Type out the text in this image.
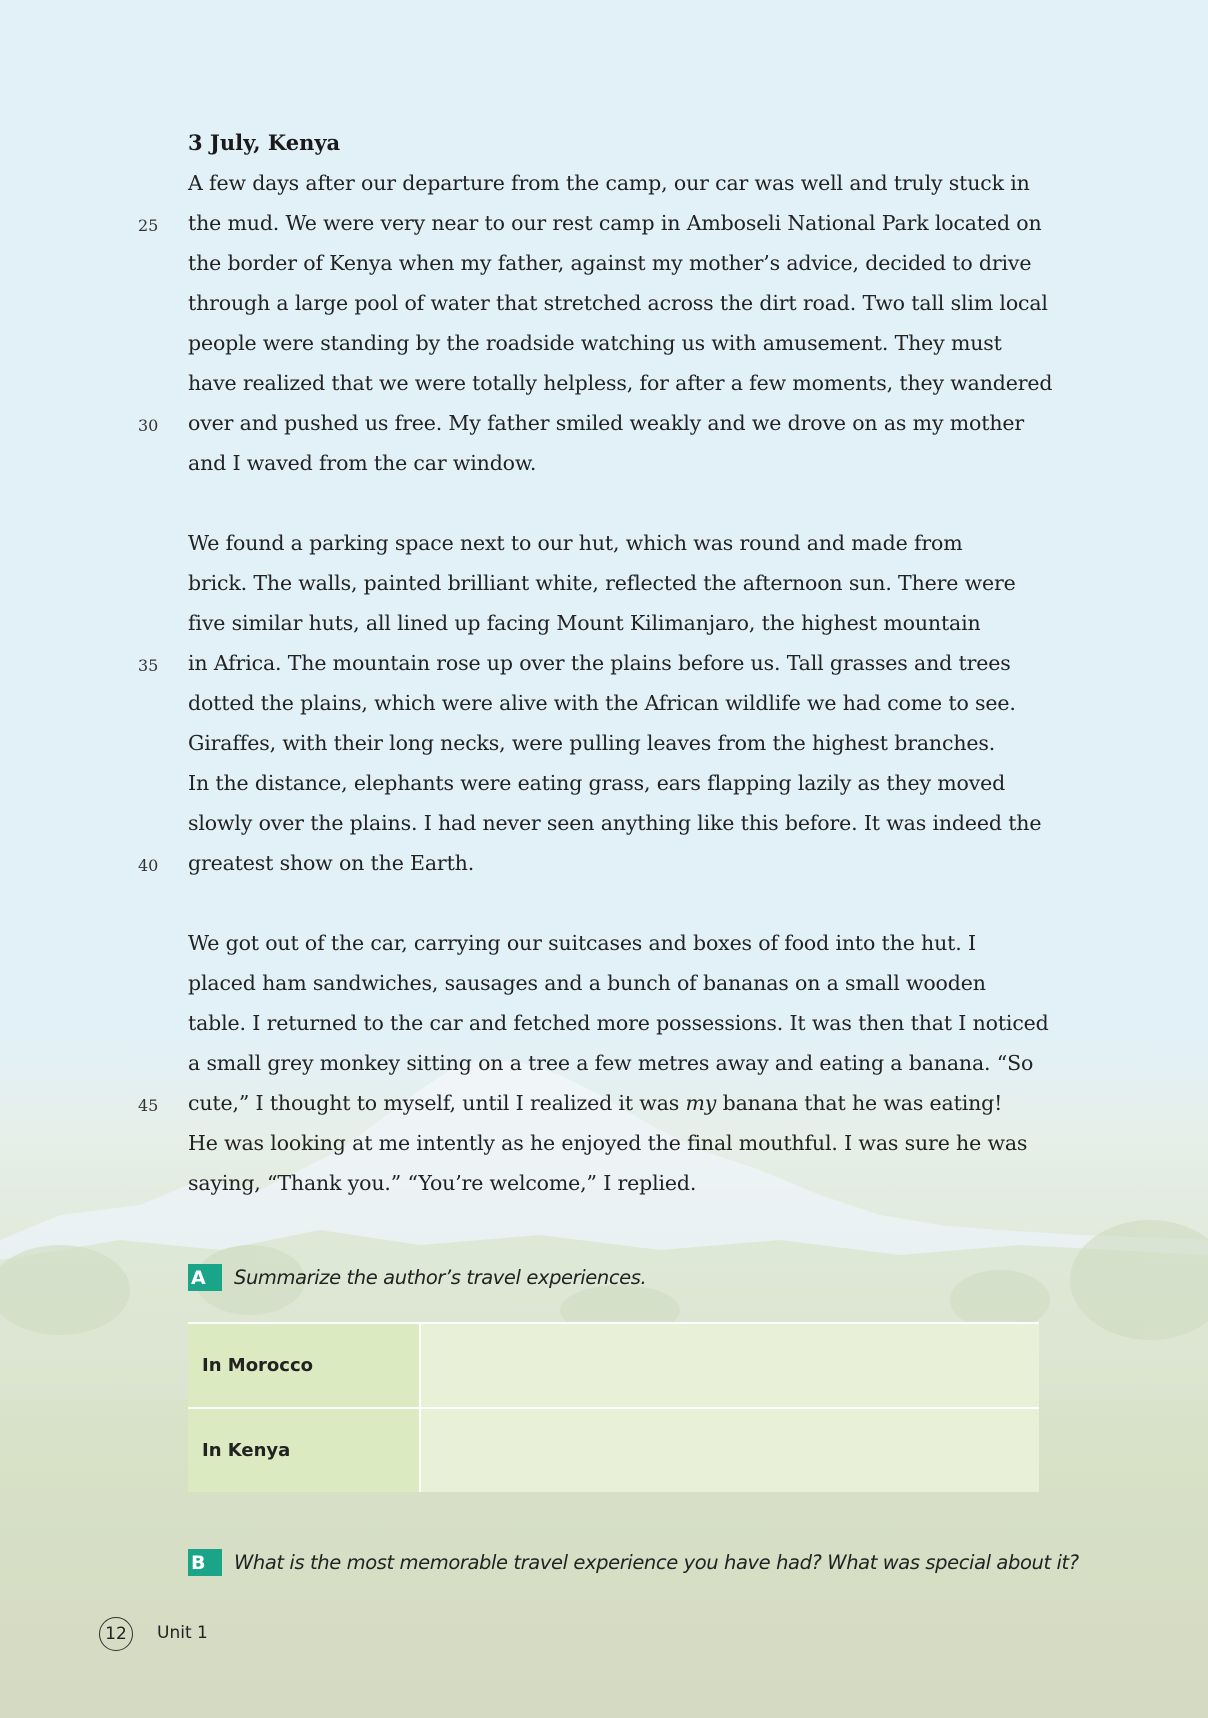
3 July, Kenya
A few days after our departure from the camp, our car was well and truly stuck in
the mud. We were very near to our rest camp in Amboseli National Park located on
the border of Kenya when my father, against my mother’s advice, decided to drive
through a large pool of water that stretched across the dirt road. Two tall slim local
people were standing by the roadside watching us with amusement. They must
have realized that we were totally helpless, for after a few moments, they wandered
over and pushed us free. My father smiled weakly and we drove on as my mother
and I waved from the car window.
We found a parking space next to our hut, which was round and made from
brick. The walls, painted brilliant white, reflected the afternoon sun. There were
five similar huts, all lined up facing Mount Kilimanjaro, the highest mountain
in Africa. The mountain rose up over the plains before us. Tall grasses and trees
dotted the plains, which were alive with the African wildlife we had come to see.
Giraffes, with their long necks, were pulling leaves from the highest branches.
In the distance, elephants were eating grass, ears flapping lazily as they moved
slowly over the plains. I had never seen anything like this before. It was indeed the
greatest show on the Earth.
We got out of the car, carrying our suitcases and boxes of food into the hut. I
placed ham sandwiches, sausages and a bunch of bananas on a small wooden
table. I returned to the car and fetched more possessions. It was then that I noticed
a small grey monkey sitting on a tree a few metres away and eating a banana. “So
cute,” I thought to myself, until I realized it was my banana that he was eating!
He was looking at me intently as he enjoyed the final mouthful. I was sure he was
saying, “Thank you.” “You’re welcome,” I replied.
25
30
35
40
45
A	Summarize the author’s travel experiences.
In Morocco	
In Kenya	
B	What is the most memorable travel experience you have had? What was special about it?
12	Unit 1
